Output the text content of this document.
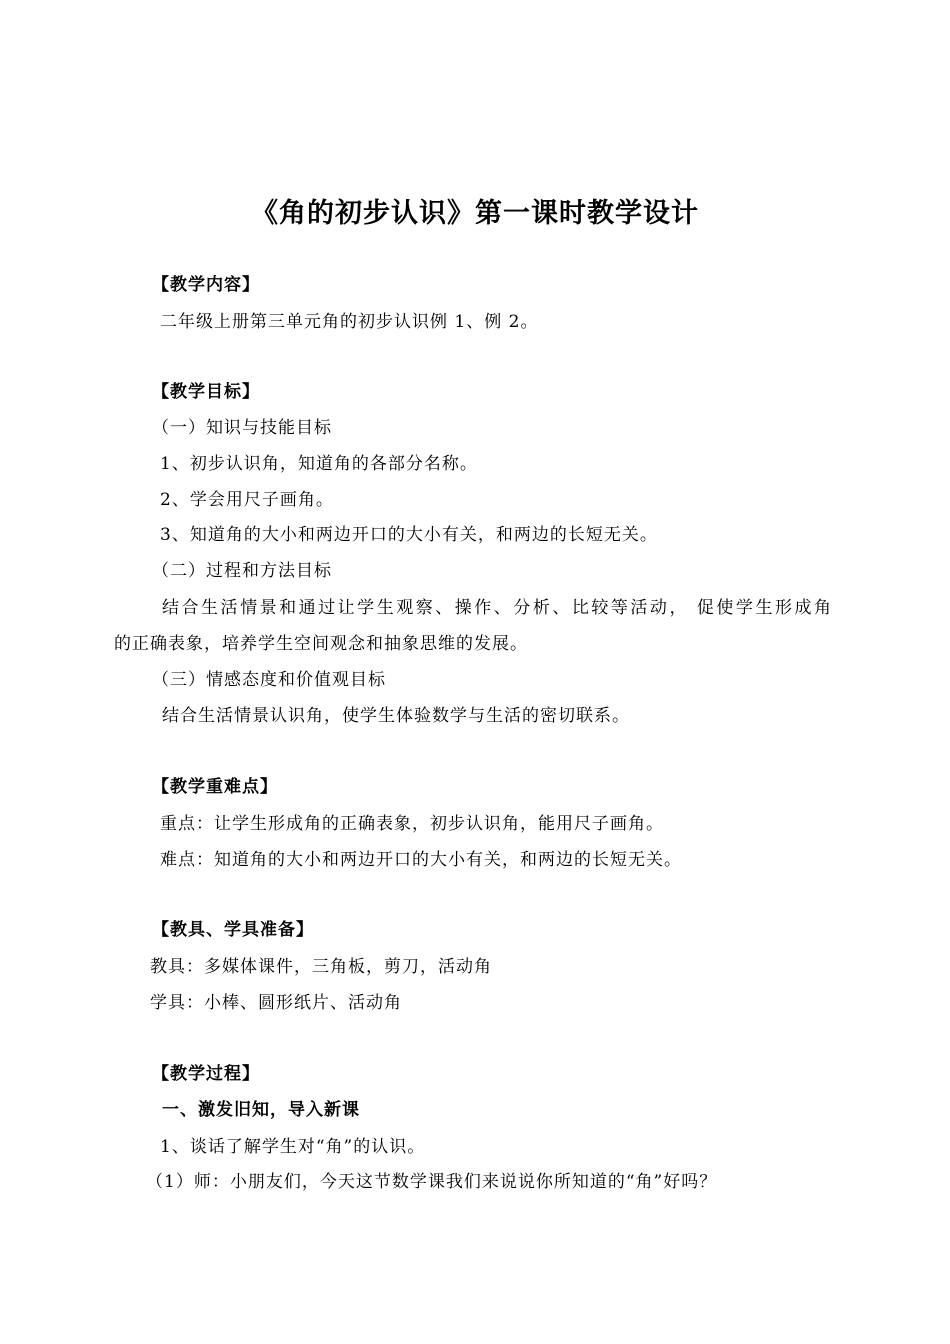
《角的初步认识》第一课时教学设计
【教学内容】
二年级上册第三单元角的初步认识例 1、例 2。
【教学目标】
（一）知识与技能目标
1、初步认识角，知道角的各部分名称。
2、学会用尺子画角。
3、知道角的大小和两边开口的大小有关，和两边的长短无关。
（二）过程和方法目标
结合生活情景和通过让学生观察、操作、分析、比较等活动， 促使学生形成角
的正确表象，培养学生空间观念和抽象思维的发展。
（三）情感态度和价值观目标
结合生活情景认识角，使学生体验数学与生活的密切联系。
【教学重难点】
重点：让学生形成角的正确表象，初步认识角，能用尺子画角。
难点：知道角的大小和两边开口的大小有关，和两边的长短无关。
【教具、学具准备】
教具：多媒体课件，三角板，剪刀，活动角
学具：小棒、圆形纸片、活动角
【教学过程】
一、激发旧知，导入新课
1、谈话了解学生对“角”的认识。
（1）师：小朋友们，今天这节数学课我们来说说你所知道的“角”好吗？
